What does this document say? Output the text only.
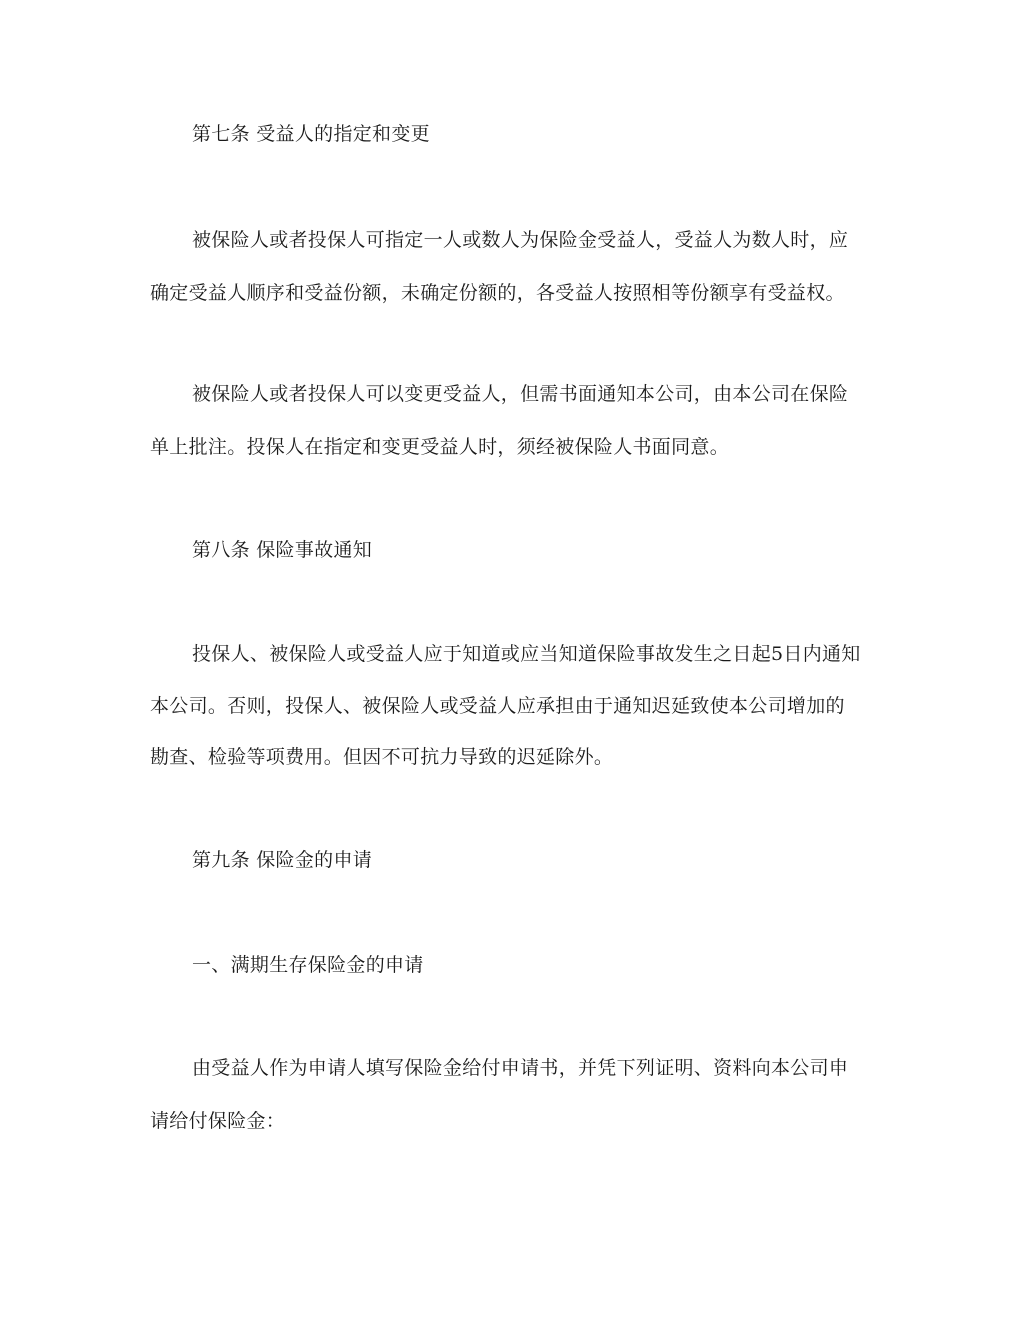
第七条 受益人的指定和变更
被保险人或者投保人可指定一人或数人为保险金受益人，受益人为数人时，应
确定受益人顺序和受益份额，未确定份额的，各受益人按照相等份额享有受益权。
被保险人或者投保人可以变更受益人，但需书面通知本公司，由本公司在保险
单上批注。投保人在指定和变更受益人时，须经被保险人书面同意。
第八条 保险事故通知
投保人、被保险人或受益人应于知道或应当知道保险事故发生之日起5日内通知
本公司。否则，投保人、被保险人或受益人应承担由于通知迟延致使本公司增加的
勘查、检验等项费用。但因不可抗力导致的迟延除外。
第九条 保险金的申请
一、满期生存保险金的申请
由受益人作为申请人填写保险金给付申请书，并凭下列证明、资料向本公司申
请给付保险金：
